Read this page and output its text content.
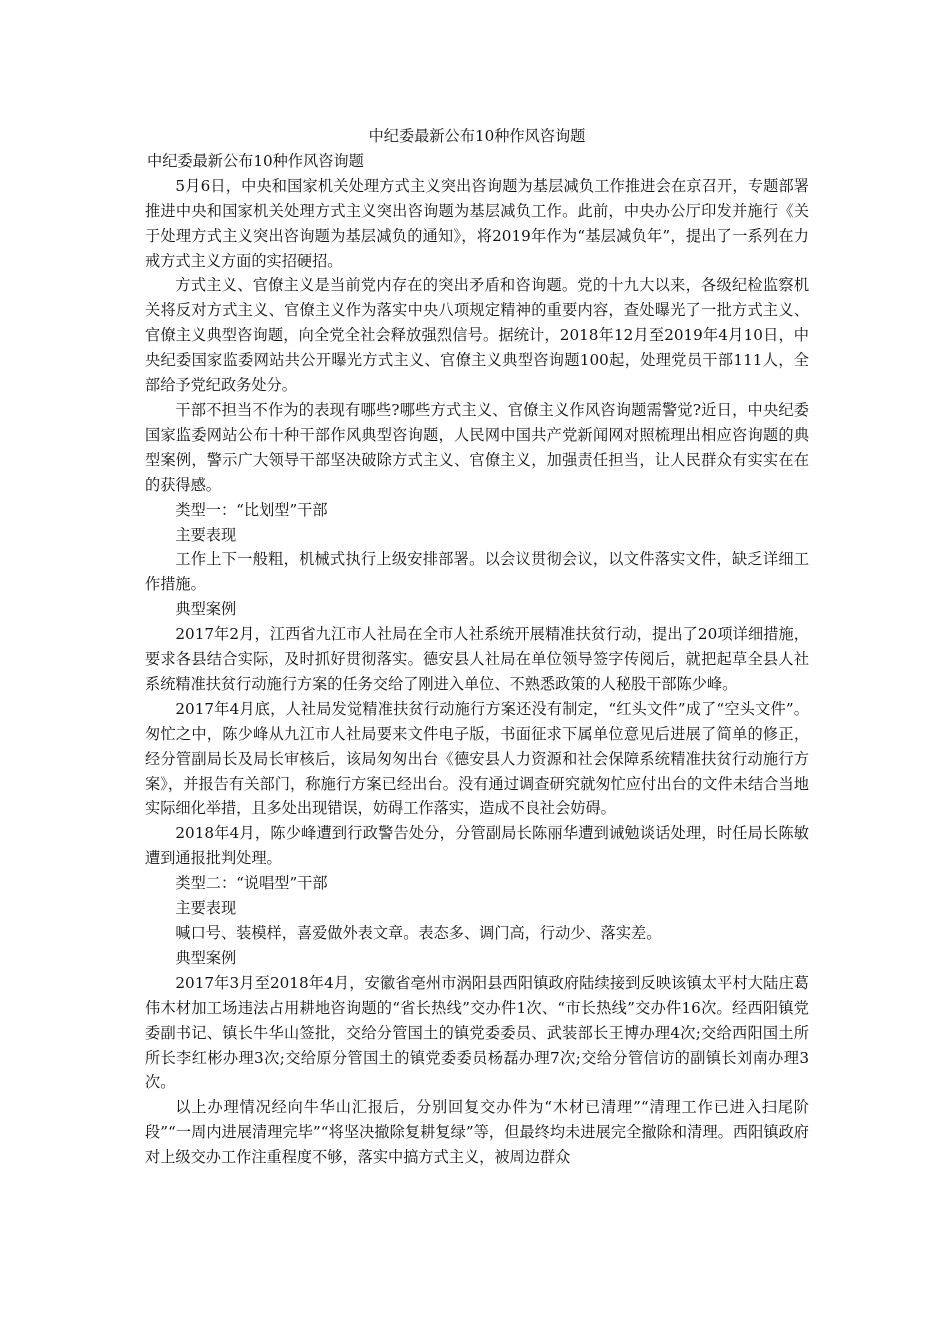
中纪委最新公布10种作风咨询题

中纪委最新公布10种作风咨询题

5月6日，中央和国家机关处理方式主义突出咨询题为基层减负工作推进会在京召开，专题部署推进中央和国家机关处理方式主义突出咨询题为基层减负工作。此前，中央办公厅印发并施行《关于处理方式主义突出咨询题为基层减负的通知》，将2019年作为“基层减负年”，提出了一系列在力戒方式主义方面的实招硬招。

方式主义、官僚主义是当前党内存在的突出矛盾和咨询题。党的十九大以来，各级纪检监察机关将反对方式主义、官僚主义作为落实中央八项规定精神的重要内容，查处曝光了一批方式主义、官僚主义典型咨询题，向全党全社会释放强烈信号。据统计，2018年12月至2019年4月10日，中央纪委国家监委网站共公开曝光方式主义、官僚主义典型咨询题100起，处理党员干部111人，全部给予党纪政务处分。

干部不担当不作为的表现有哪些?哪些方式主义、官僚主义作风咨询题需警觉?近日，中央纪委国家监委网站公布十种干部作风典型咨询题，人民网中国共产党新闻网对照梳理出相应咨询题的典型案例，警示广大领导干部坚决破除方式主义、官僚主义，加强责任担当，让人民群众有实实在在的获得感。

类型一：“比划型”干部

主要表现

工作上下一般粗，机械式执行上级安排部署。以会议贯彻会议，以文件落实文件，缺乏详细工作措施。

典型案例

2017年2月，江西省九江市人社局在全市人社系统开展精准扶贫行动，提出了20项详细措施，要求各县结合实际，及时抓好贯彻落实。德安县人社局在单位领导签字传阅后，就把起草全县人社系统精准扶贫行动施行方案的任务交给了刚进入单位、不熟悉政策的人秘股干部陈少峰。

2017年4月底，人社局发觉精准扶贫行动施行方案还没有制定，“红头文件”成了“空头文件”。匆忙之中，陈少峰从九江市人社局要来文件电子版，书面征求下属单位意见后进展了简单的修正，经分管副局长及局长审核后，该局匆匆出台《德安县人力资源和社会保障系统精准扶贫行动施行方案》，并报告有关部门，称施行方案已经出台。没有通过调查研究就匆忙应付出台的文件未结合当地实际细化举措，且多处出现错误，妨碍工作落实，造成不良社会妨碍。

2018年4月，陈少峰遭到行政警告处分，分管副局长陈丽华遭到诫勉谈话处理，时任局长陈敏遭到通报批判处理。

类型二：“说唱型”干部

主要表现

喊口号、装模样，喜爱做外表文章。表态多、调门高，行动少、落实差。

典型案例

2017年3月至2018年4月，安徽省亳州市涡阳县西阳镇政府陆续接到反映该镇太平村大陆庄葛伟木材加工场违法占用耕地咨询题的“省长热线”交办件1次、“市长热线”交办件16次。经西阳镇党委副书记、镇长牛华山签批，交给分管国土的镇党委委员、武装部长王博办理4次;交给西阳国土所所长李红彬办理3次;交给原分管国土的镇党委委员杨磊办理7次;交给分管信访的副镇长刘南办理3次。

以上办理情况经向牛华山汇报后，分别回复交办件为“木材已清理”“清理工作已进入扫尾阶段”“一周内进展清理完毕”“将坚决撤除复耕复绿”等，但最终均未进展完全撤除和清理。西阳镇政府对上级交办工作注重程度不够，落实中搞方式主义，被周边群众
